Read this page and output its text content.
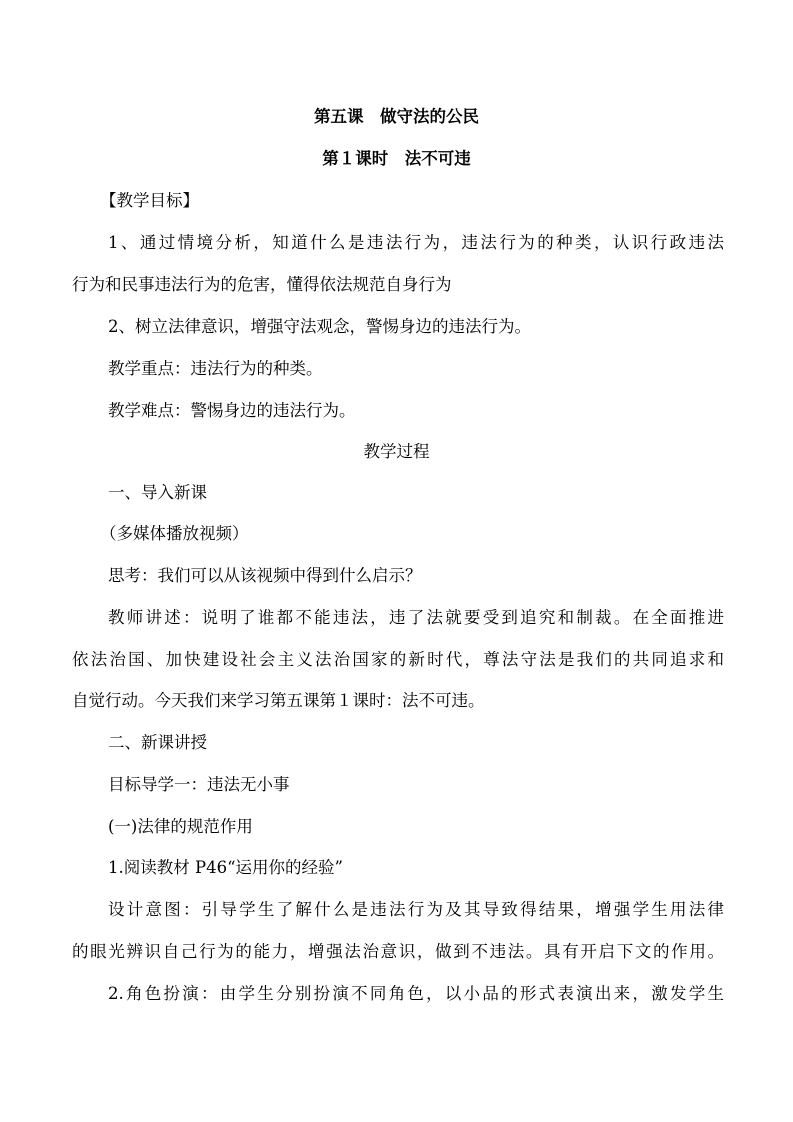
第五课　做守法的公民
第１课时　法不可违
【教学目标】
1、通过情境分析，知道什么是违法行为，违法行为的种类，认识行政违法
行为和民事违法行为的危害，懂得依法规范自身行为
2、树立法律意识，增强守法观念，警惕身边的违法行为。
教学重点：违法行为的种类。
教学难点：警惕身边的违法行为。
教学过程
一、导入新课
（多媒体播放视频）
思考：我们可以从该视频中得到什么启示？
教师讲述：说明了谁都不能违法，违了法就要受到追究和制裁。在全面推进
依法治国、加快建设社会主义法治国家的新时代，尊法守法是我们的共同追求和
自觉行动。今天我们来学习第五课第１课时：法不可违。
二、新课讲授
目标导学一：违法无小事
(一)法律的规范作用
1.阅读教材 P46“运用你的经验”
设计意图：引导学生了解什么是违法行为及其导致得结果，增强学生用法律
的眼光辨识自己行为的能力，增强法治意识，做到不违法。具有开启下文的作用。
2.角色扮演：由学生分别扮演不同角色，以小品的形式表演出来，激发学生
